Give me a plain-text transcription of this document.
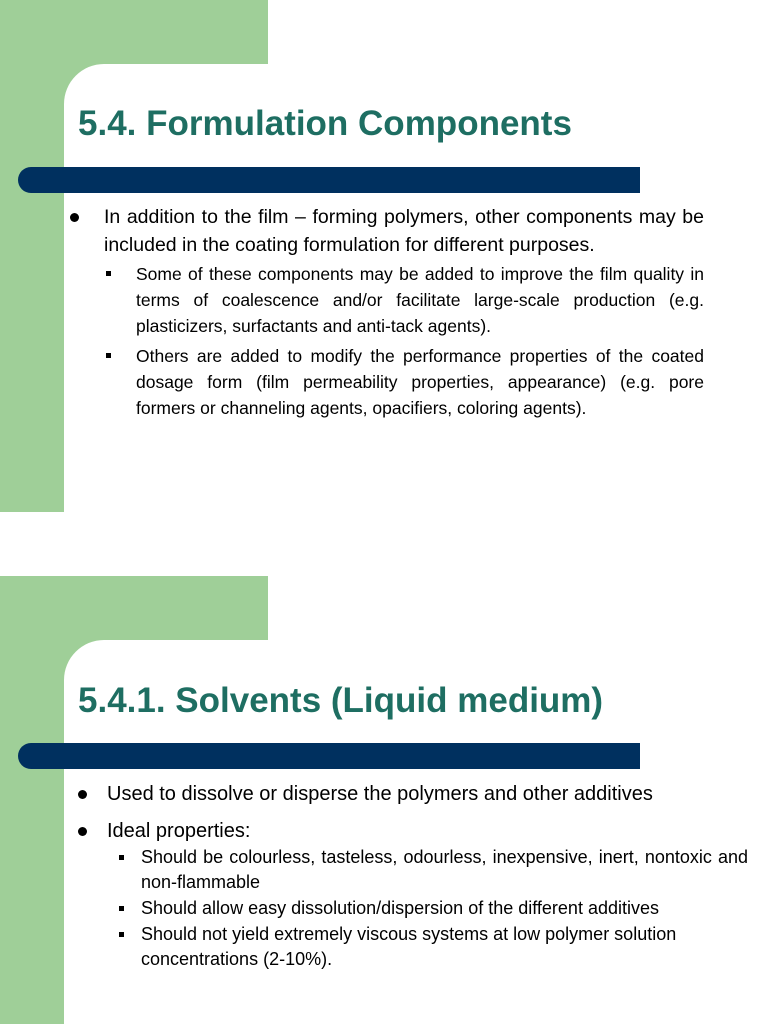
5.4. Formulation Components

In addition to the film – forming polymers, other components may be included in the coating formulation for different purposes.

Some of these components may be added to improve the film quality in terms of coalescence and/or facilitate large-scale production (e.g. plasticizers, surfactants and anti-tack agents).

Others are added to modify the performance properties of the coated dosage form (film permeability properties, appearance) (e.g. pore formers or channeling agents, opacifiers, coloring agents).

5.4.1. Solvents (Liquid medium)

Used to dissolve or disperse the polymers and other additives

Ideal properties:

Should be colourless, tasteless, odourless, inexpensive, inert, nontoxic and non-flammable

Should allow easy dissolution/dispersion of the different additives

Should not yield extremely viscous systems at low polymer solution concentrations (2-10%).
